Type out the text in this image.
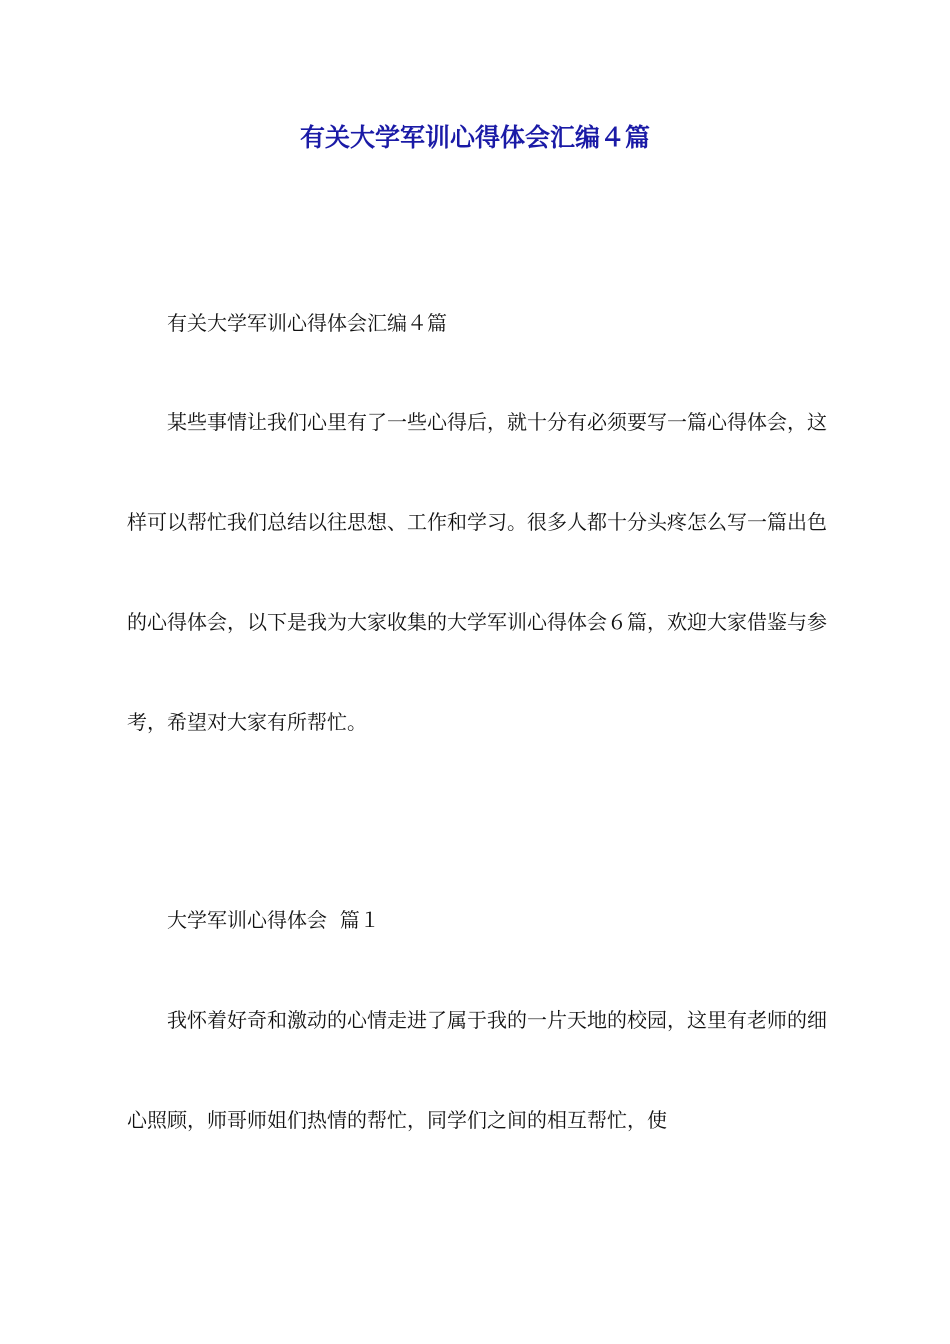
有关大学军训心得体会汇编４篇

有关大学军训心得体会汇编４篇

某些事情让我们心里有了一些心得后，就十分有必须要写一篇心得体会，这样可以帮忙我们总结以往思想、工作和学习。很多人都十分头疼怎么写一篇出色的心得体会，以下是我为大家收集的大学军训心得体会６篇，欢迎大家借鉴与参考，希望对大家有所帮忙。

大学军训心得体会  篇１

我怀着好奇和激动的心情走进了属于我的一片天地的校园，这里有老师的细心照顾，师哥师姐们热情的帮忙，同学们之间的相互帮忙，使
